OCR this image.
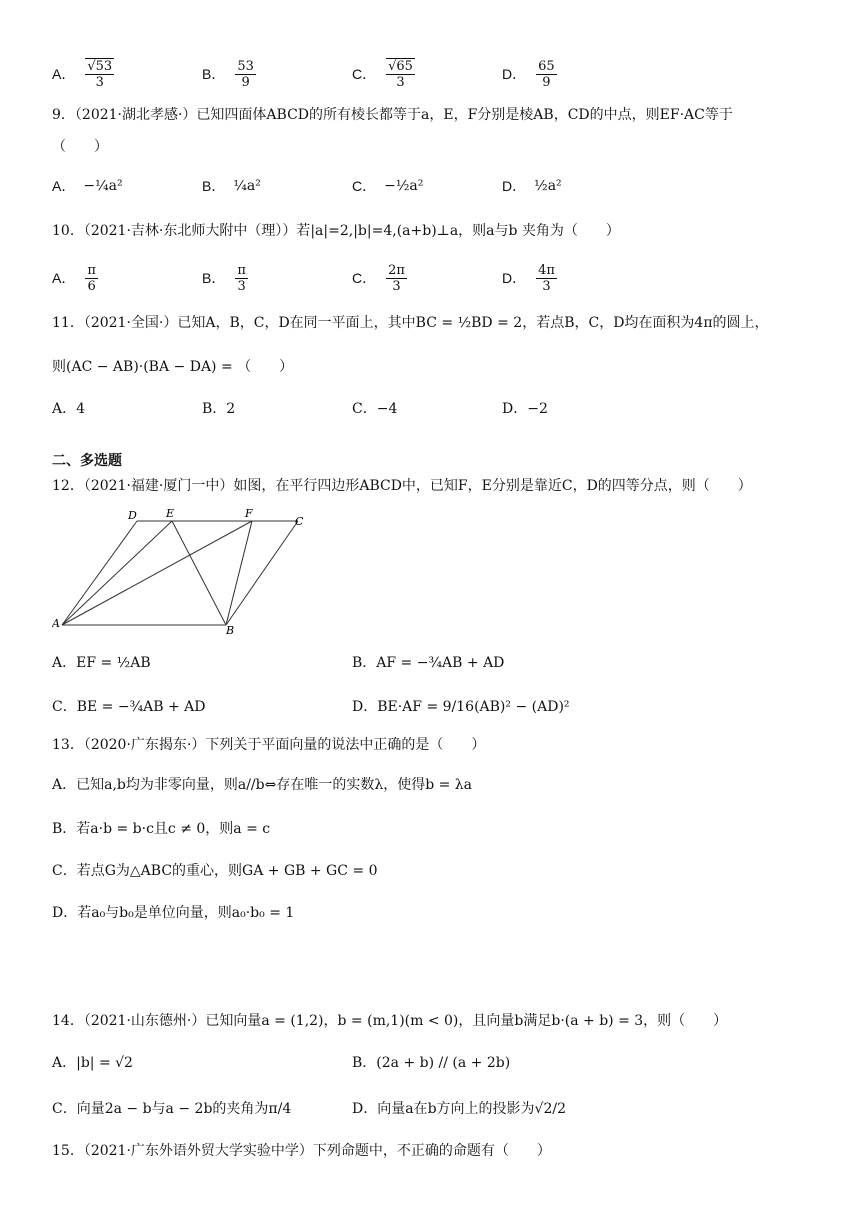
A． $\frac{√53}{3}$	B． $\frac{53}{9}$	C． $\frac{√65}{3}$	D． $\frac{65}{9}$
9．（2021·湖北孝感·）已知四面体ABCD的所有棱长都等于a，E，F分别是棱AB，CD的中点，则EF·AC等于
（　　）
A． −¼a²	B． ¼a²	C． −½a²	D． ½a²
10．（2021·吉林·东北师大附中（理））若|a|=2,|b|=4,(a+b)⊥a，则a与b 夹角为（　　）
A． $\frac{\pi}{6}$	B． $\frac{\pi}{3}$	C． $\frac{2\pi}{3}$	D． $\frac{4\pi}{3}$
11．（2021·全国·）已知A，B，C，D在同一平面上，其中BC = ½BD = 2，若点B，C，D均在面积为4π的圆上，
则(AC − AB)·(BA − DA) = （　　）
A．4	B．2	C．−4	D．−2
二、多选题
12．（2021·福建·厦门一中）如图，在平行四边形ABCD中，已知F，E分别是靠近C，D的四等分点，则（　　）
D	E	F
C
A
B
A．EF = ½AB	B．AF = −¾AB + AD
C．BE = −¾AB + AD	D．BE·AF = 9/16(AB)² − (AD)²
13．（2020·广东揭东·）下列关于平面向量的说法中正确的是（　　）
A．已知a,b均为非零向量，则a//b⇔存在唯一的实数λ，使得b = λa
B．若a·b = b·c且c ≠ 0，则a = c
C．若点G为△ABC的重心，则GA + GB + GC = 0
D．若a₀与b₀是单位向量，则a₀·b₀ = 1
14．（2021·山东德州·）已知向量a = (1,2)，b = (m,1)(m < 0)，且向量b满足b·(a + b) = 3，则（　　）
A．|b| = √2	B．(2a + b) // (a + 2b)
C．向量2a − b与a − 2b的夹角为π/4	D．向量a在b方向上的投影为√2/2
15．（2021·广东外语外贸大学实验中学）下列命题中，不正确的命题有（　　）
